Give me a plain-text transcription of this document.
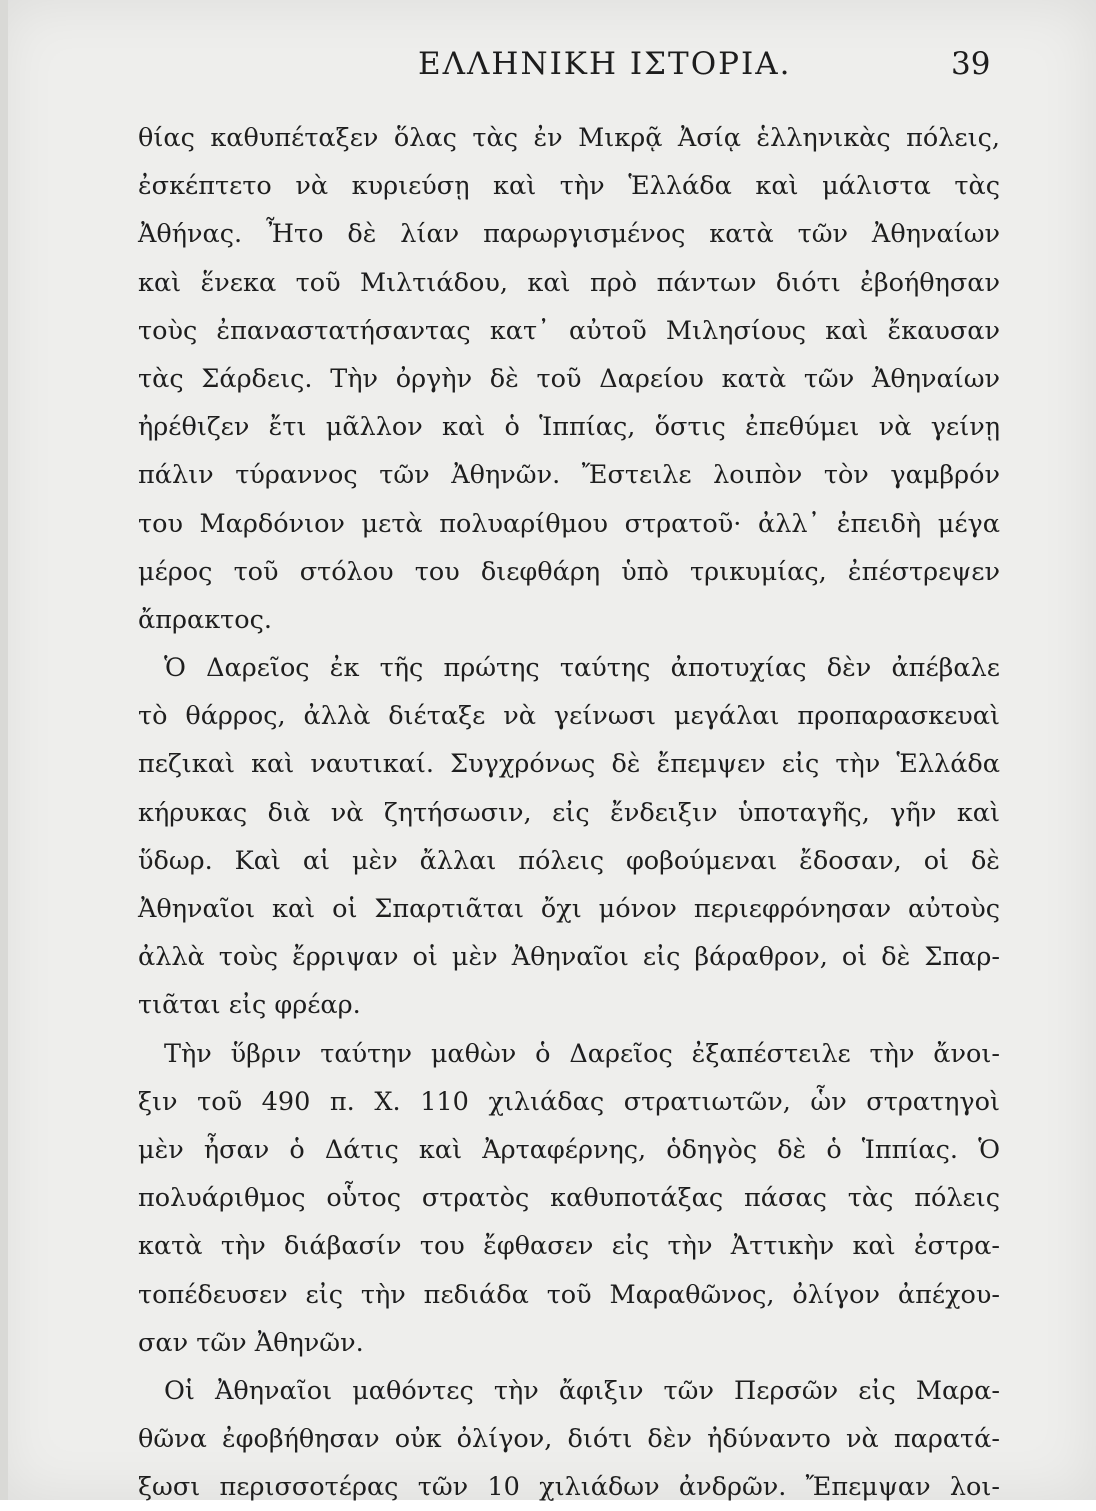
ΕΛΛΗΝΙΚΗ ΙΣΤΟΡΙΑ.	39
θίας καθυπέταξεν ὅλας τὰς ἐν Μικρᾷ Ἀσίᾳ ἑλληνικὰς πόλεις,
ἐσκέπτετο νὰ κυριεύσῃ καὶ τὴν Ἑλλάδα καὶ μάλιστα τὰς
Ἀθήνας. Ἦτο δὲ λίαν παρωργισμένος κατὰ τῶν Ἀθηναίων
καὶ ἕνεκα τοῦ Μιλτιάδου, καὶ πρὸ πάντων διότι ἐβοήθησαν
τοὺς ἐπαναστατήσαντας κατ᾽ αὐτοῦ Μιλησίους καὶ ἔκαυσαν
τὰς Σάρδεις. Τὴν ὀργὴν δὲ τοῦ Δαρείου κατὰ τῶν Ἀθηναίων
ἠρέθιζεν ἔτι μᾶλλον καὶ ὁ Ἱππίας, ὅστις ἐπεθύμει νὰ γείνῃ
πάλιν τύραννος τῶν Ἀθηνῶν. Ἔστειλε λοιπὸν τὸν γαμβρόν
του Μαρδόνιον μετὰ πολυαρίθμου στρατοῦ· ἀλλ᾽ ἐπειδὴ μέγα
μέρος τοῦ στόλου του διεφθάρη ὑπὸ τρικυμίας, ἐπέστρεψεν
ἄπρακτος.
Ὁ Δαρεῖος ἐκ τῆς πρώτης ταύτης ἀποτυχίας δὲν ἀπέβαλε
τὸ θάρρος, ἀλλὰ διέταξε νὰ γείνωσι μεγάλαι προπαρασκευαὶ
πεζικαὶ καὶ ναυτικαί. Συγχρόνως δὲ ἔπεμψεν εἰς τὴν Ἑλλάδα
κήρυκας διὰ νὰ ζητήσωσιν, εἰς ἔνδειξιν ὑποταγῆς, γῆν καὶ
ὕδωρ. Καὶ αἱ μὲν ἄλλαι πόλεις φοβούμεναι ἔδοσαν, οἱ δὲ
Ἀθηναῖοι καὶ οἱ Σπαρτιᾶται ὄχι μόνον περιεφρόνησαν αὐτοὺς
ἀλλὰ τοὺς ἔρριψαν οἱ μὲν Ἀθηναῖοι εἰς βάραθρον, οἱ δὲ Σπαρ-
τιᾶται εἰς φρέαρ.
Τὴν ὕβριν ταύτην μαθὼν ὁ Δαρεῖος ἐξαπέστειλε τὴν ἄνοι-
ξιν τοῦ 490 π. Χ. 110 χιλιάδας στρατιωτῶν, ὧν στρατηγοὶ
μὲν ἦσαν ὁ Δάτις καὶ Ἀρταφέρνης, ὁδηγὸς δὲ ὁ Ἱππίας. Ὁ
πολυάριθμος οὗτος στρατὸς καθυποτάξας πάσας τὰς πόλεις
κατὰ τὴν διάβασίν του ἔφθασεν εἰς τὴν Ἀττικὴν καὶ ἐστρα-
τοπέδευσεν εἰς τὴν πεδιάδα τοῦ Μαραθῶνος, ὀλίγον ἀπέχου-
σαν τῶν Ἀθηνῶν.
Οἱ Ἀθηναῖοι μαθόντες τὴν ἄφιξιν τῶν Περσῶν εἰς Μαρα-
θῶνα ἐφοβήθησαν οὐκ ὀλίγον, διότι δὲν ἠδύναντο νὰ παρατά-
ξωσι περισσοτέρας τῶν 10 χιλιάδων ἀνδρῶν. Ἔπεμψαν λοι-
